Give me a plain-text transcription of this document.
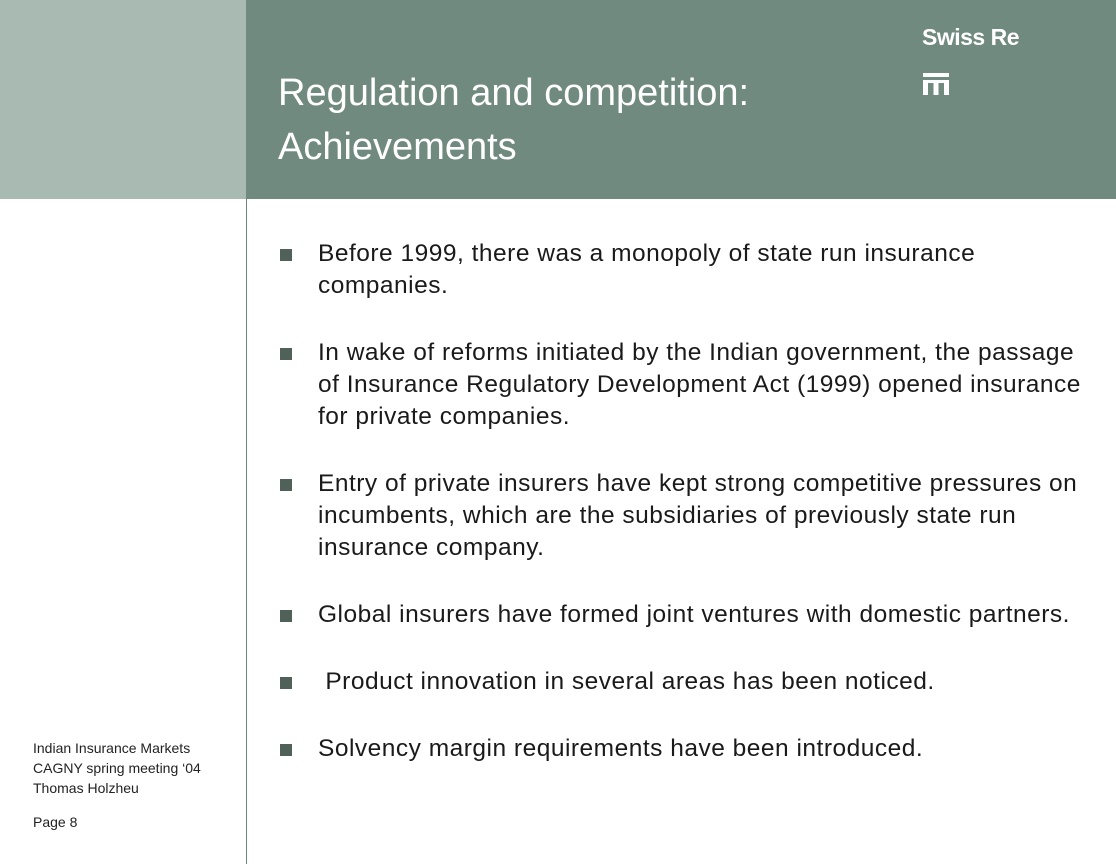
Regulation and competition:
Achievements
Swiss Re
Before 1999, there was a monopoly of state run insurance companies.
In wake of reforms initiated by the Indian government, the passage of Insurance Regulatory Development Act (1999) opened insurance for private companies.
Entry of private insurers have kept strong competitive pressures on incumbents, which are the subsidiaries of previously state run insurance company.
Global insurers have formed joint ventures with domestic partners.
Product innovation in several areas has been noticed.
Solvency margin requirements have been introduced.
Indian Insurance Markets
CAGNY spring meeting ‘04
Thomas Holzheu
Page 8
